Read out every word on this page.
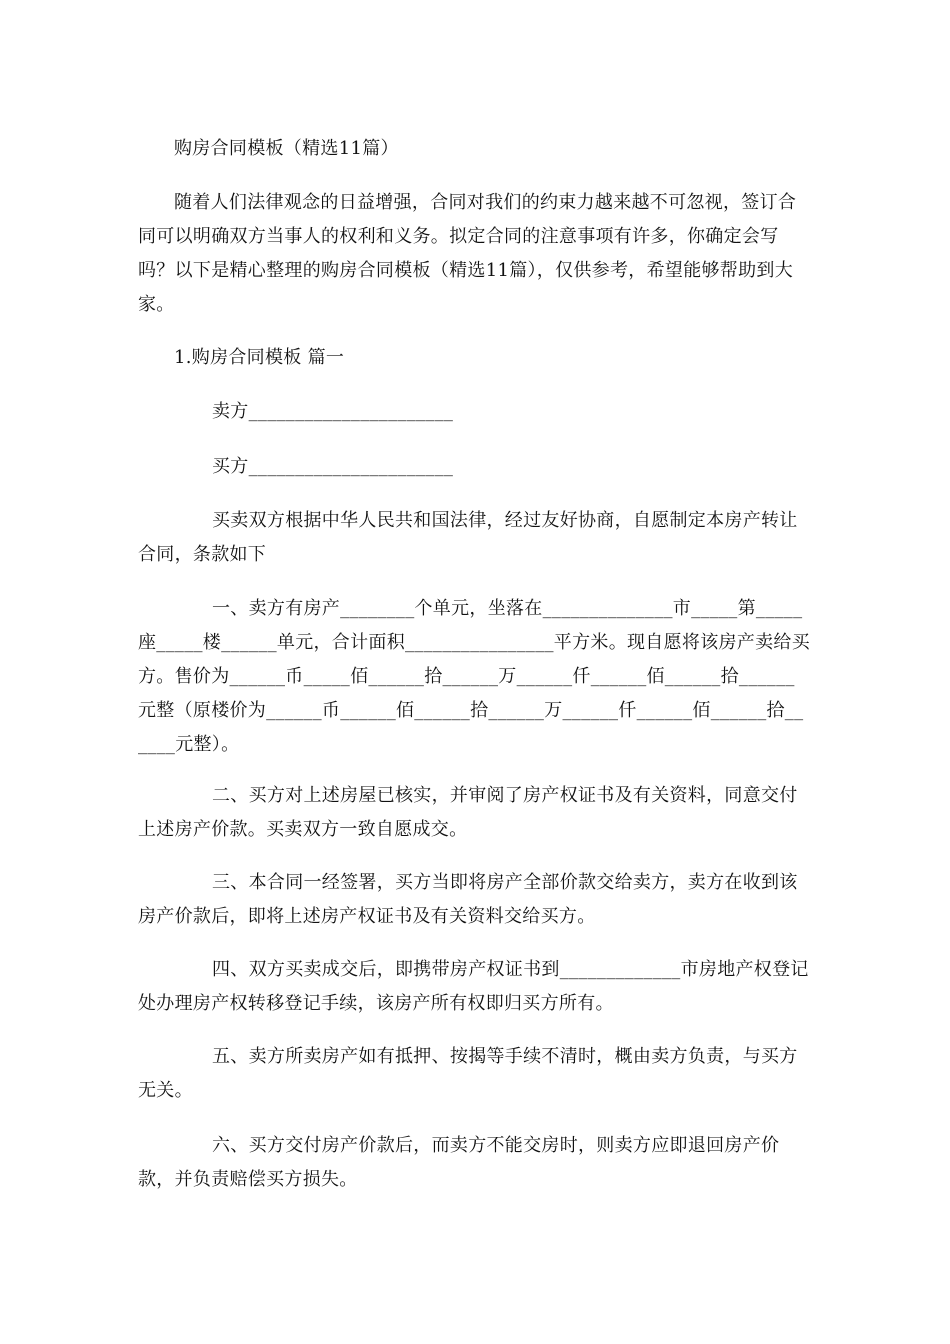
购房合同模板（精选11篇）
随着人们法律观念的日益增强，合同对我们的约束力越来越不可忽视，签订合同可以明确双方当事人的权利和义务。拟定合同的注意事项有许多，你确定会写吗？以下是精心整理的购房合同模板（精选11篇），仅供参考，希望能够帮助到大家。
1.购房合同模板 篇一
卖方______________________
买方______________________
买卖双方根据中华人民共和国法律，经过友好协商，自愿制定本房产转让合同，条款如下
一、卖方有房产________个单元，坐落在______________市_____第_____座_____楼______单元，合计面积________________平方米。现自愿将该房产卖给买方。售价为______币_____佰______拾______万______仟______佰______拾______元整（原楼价为______币______佰______拾______万______仟______佰______拾______元整）。
二、买方对上述房屋已核实，并审阅了房产权证书及有关资料，同意交付上述房产价款。买卖双方一致自愿成交。
三、本合同一经签署，买方当即将房产全部价款交给卖方，卖方在收到该房产价款后，即将上述房产权证书及有关资料交给买方。
四、双方买卖成交后，即携带房产权证书到_____________市房地产权登记处办理房产权转移登记手续，该房产所有权即归买方所有。
五、卖方所卖房产如有抵押、按揭等手续不清时，概由卖方负责，与买方无关。
六、买方交付房产价款后，而卖方不能交房时，则卖方应即退回房产价款，并负责赔偿买方损失。
